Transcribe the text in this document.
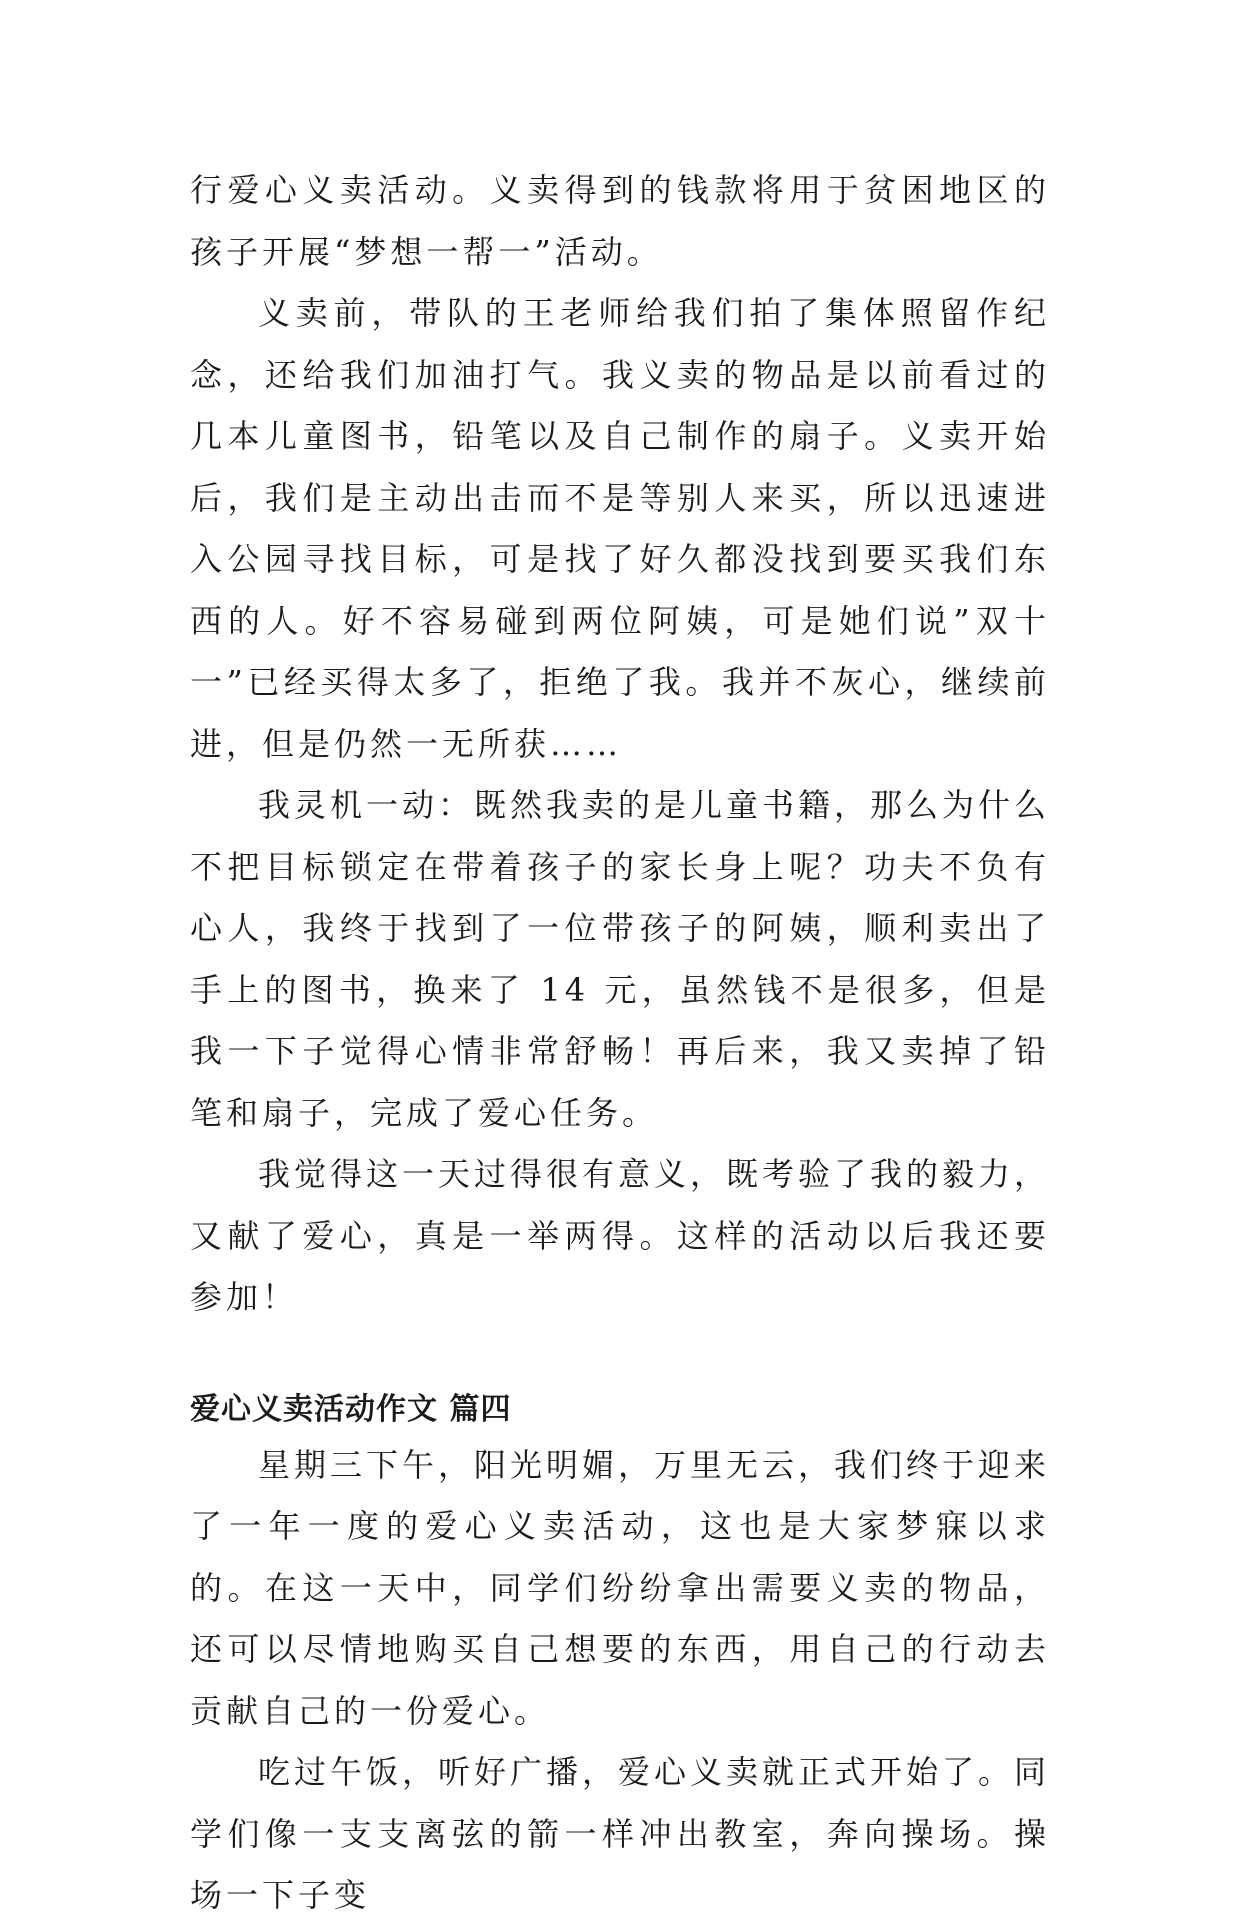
行爱心义卖活动。义卖得到的钱款将用于贫困地区的孩子开展“梦想一帮一”活动。

义卖前，带队的王老师给我们拍了集体照留作纪念，还给我们加油打气。我义卖的物品是以前看过的几本儿童图书，铅笔以及自己制作的扇子。义卖开始后，我们是主动出击而不是等别人来买，所以迅速进入公园寻找目标，可是找了好久都没找到要买我们东西的人。好不容易碰到两位阿姨，可是她们说”双十一”已经买得太多了，拒绝了我。我并不灰心，继续前进，但是仍然一无所获……

我灵机一动：既然我卖的是儿童书籍，那么为什么不把目标锁定在带着孩子的家长身上呢？功夫不负有心人，我终于找到了一位带孩子的阿姨，顺利卖出了手上的图书，换来了 14 元，虽然钱不是很多，但是我一下子觉得心情非常舒畅！再后来，我又卖掉了铅笔和扇子，完成了爱心任务。

我觉得这一天过得很有意义，既考验了我的毅力，又献了爱心，真是一举两得。这样的活动以后我还要参加！

爱心义卖活动作文 篇四

星期三下午，阳光明媚，万里无云，我们终于迎来了一年一度的爱心义卖活动，这也是大家梦寐以求的。在这一天中，同学们纷纷拿出需要义卖的物品，还可以尽情地购买自己想要的东西，用自己的行动去贡献自己的一份爱心。

吃过午饭，听好广播，爱心义卖就正式开始了。同学们像一支支离弦的箭一样冲出教室，奔向操场。操场一下子变
